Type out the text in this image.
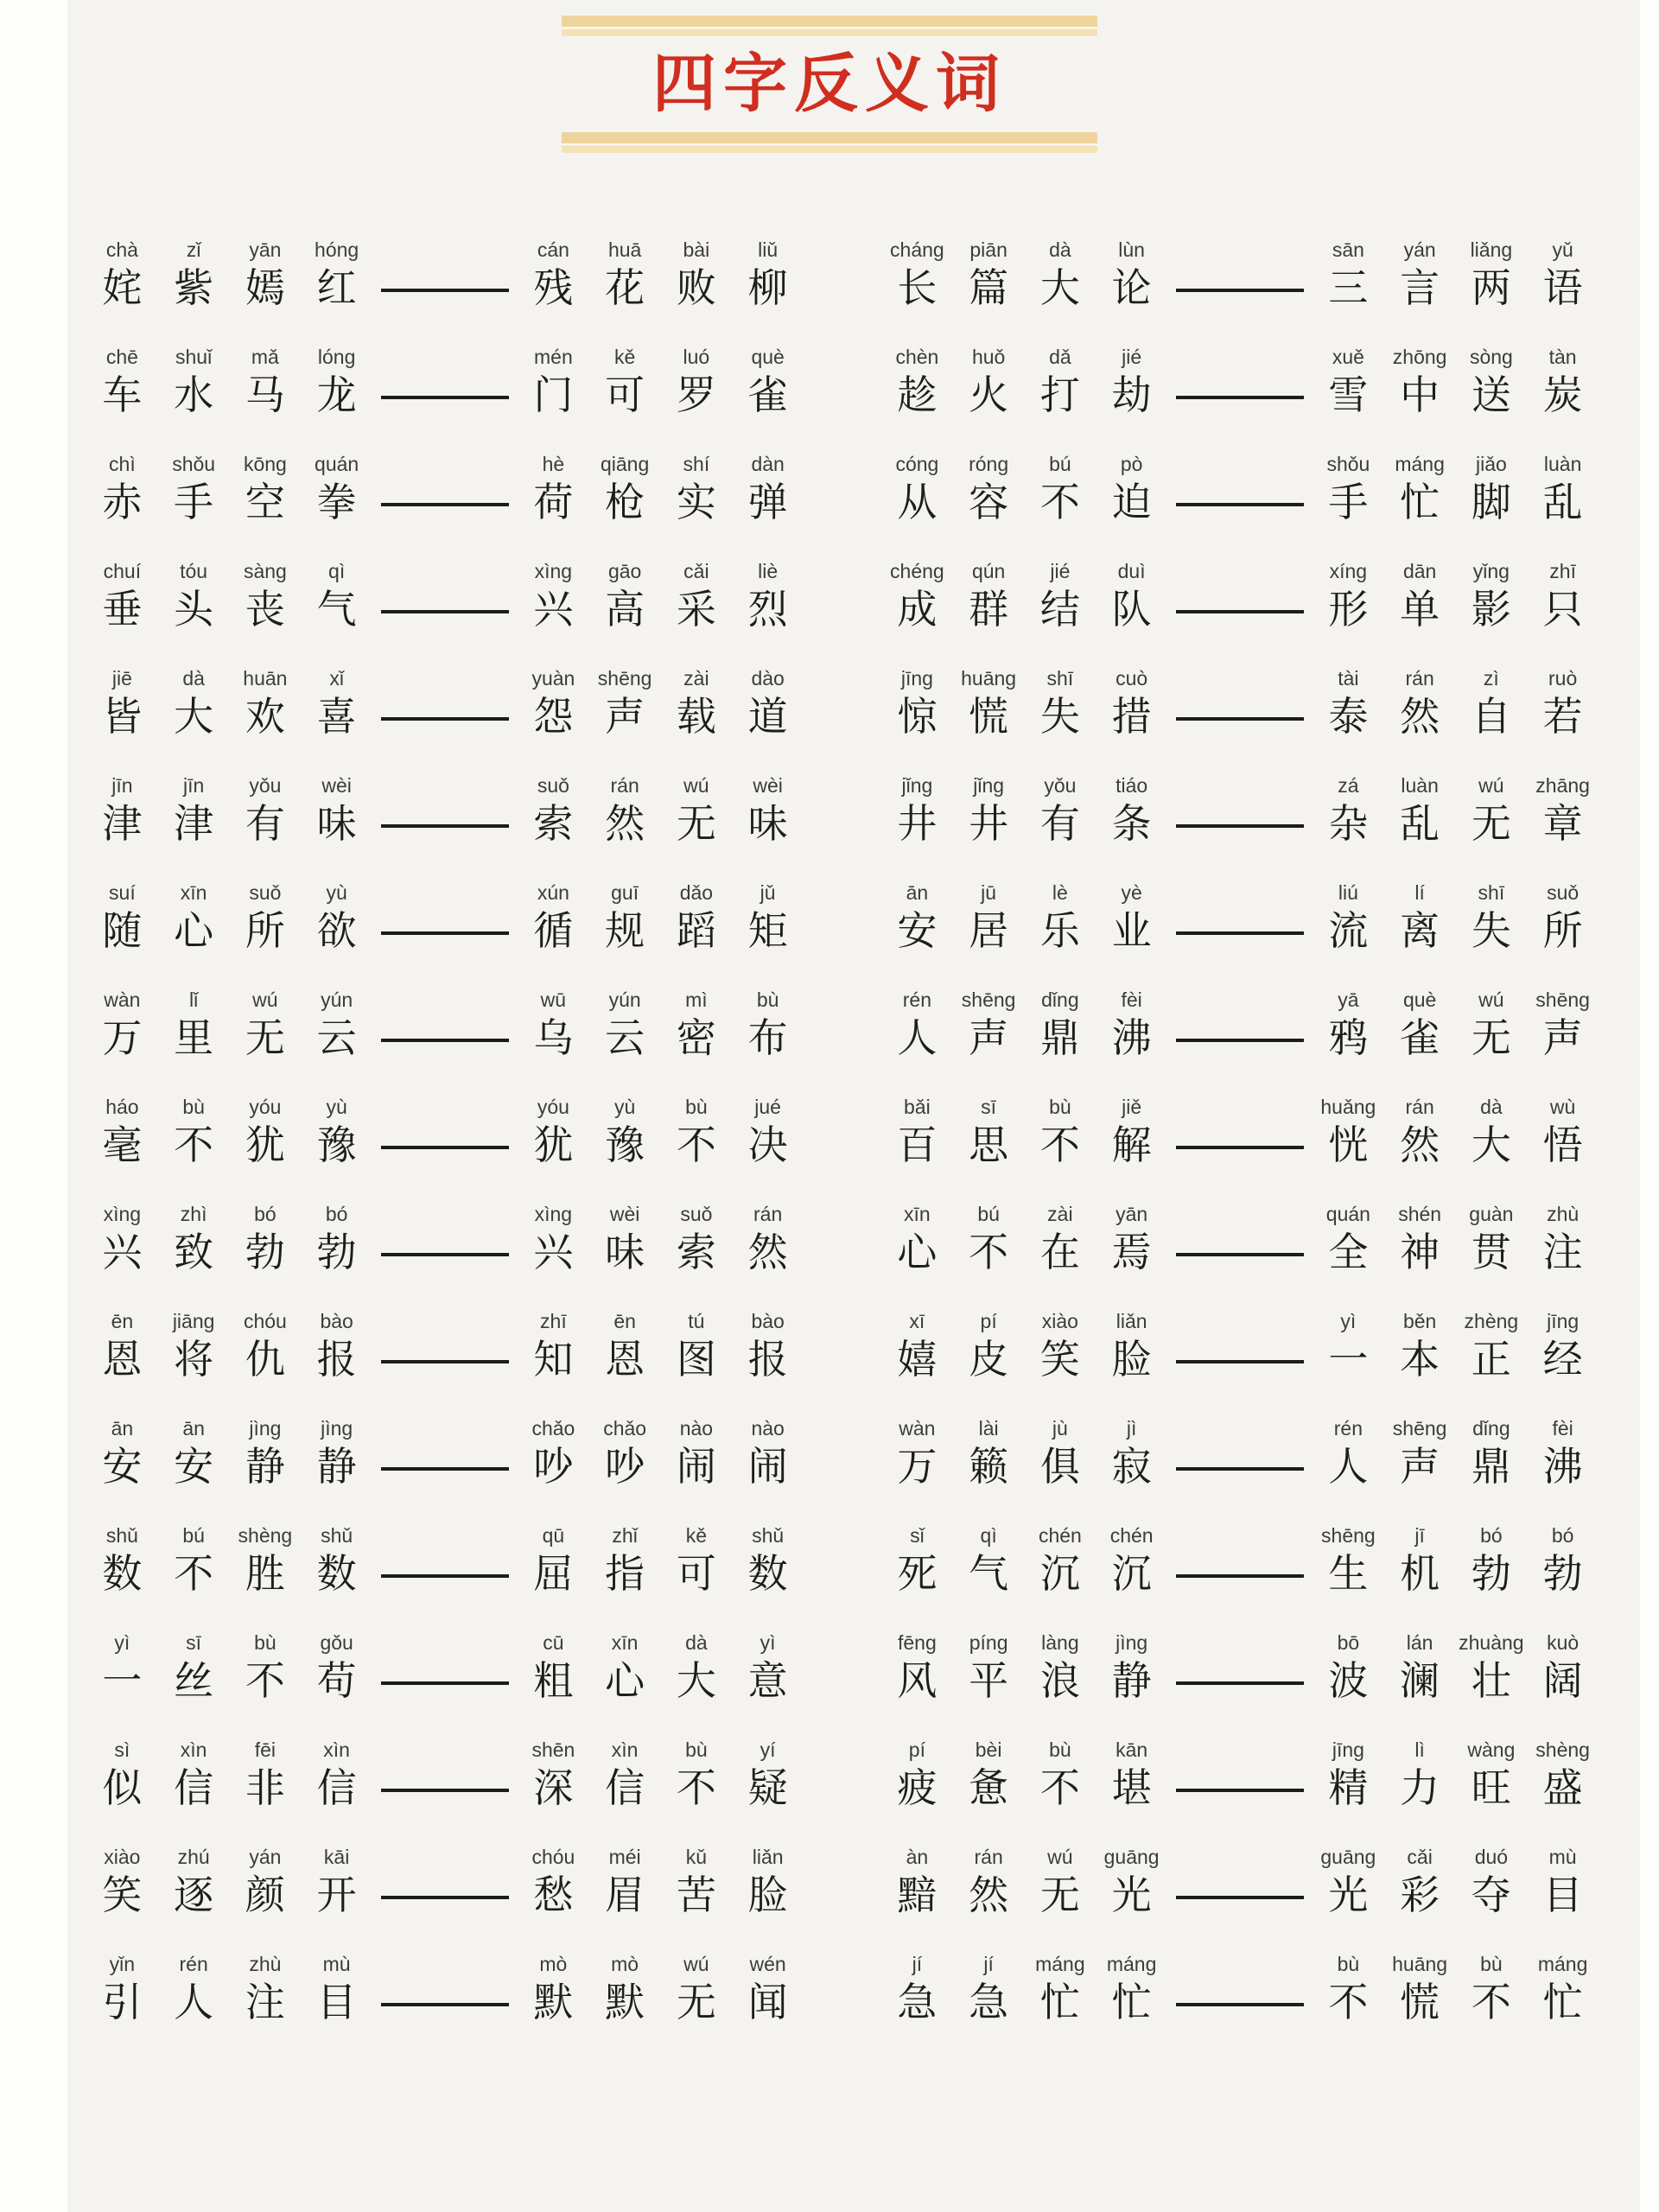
四字反义词
chà
姹
zǐ
紫
yān
嫣
hóng
红
cán
残
huā
花
bài
败
liǔ
柳
chē
车
shuǐ
水
mǎ
马
lóng
龙
mén
门
kě
可
luó
罗
què
雀
chì
赤
shǒu
手
kōng
空
quán
拳
hè
荷
qiāng
枪
shí
实
dàn
弹
chuí
垂
tóu
头
sàng
丧
qì
气
xìng
兴
gāo
高
cǎi
采
liè
烈
jiē
皆
dà
大
huān
欢
xǐ
喜
yuàn
怨
shēng
声
zài
载
dào
道
jīn
津
jīn
津
yǒu
有
wèi
味
suǒ
索
rán
然
wú
无
wèi
味
suí
随
xīn
心
suǒ
所
yù
欲
xún
循
guī
规
dǎo
蹈
jǔ
矩
wàn
万
lǐ
里
wú
无
yún
云
wū
乌
yún
云
mì
密
bù
布
háo
毫
bù
不
yóu
犹
yù
豫
yóu
犹
yù
豫
bù
不
jué
决
xìng
兴
zhì
致
bó
勃
bó
勃
xìng
兴
wèi
味
suǒ
索
rán
然
ēn
恩
jiāng
将
chóu
仇
bào
报
zhī
知
ēn
恩
tú
图
bào
报
ān
安
ān
安
jìng
静
jìng
静
chǎo
吵
chǎo
吵
nào
闹
nào
闹
shǔ
数
bú
不
shèng
胜
shǔ
数
qū
屈
zhǐ
指
kě
可
shǔ
数
yì
一
sī
丝
bù
不
gǒu
苟
cū
粗
xīn
心
dà
大
yì
意
sì
似
xìn
信
fēi
非
xìn
信
shēn
深
xìn
信
bù
不
yí
疑
xiào
笑
zhú
逐
yán
颜
kāi
开
chóu
愁
méi
眉
kǔ
苦
liǎn
脸
yǐn
引
rén
人
zhù
注
mù
目
mò
默
mò
默
wú
无
wén
闻
cháng
长
piān
篇
dà
大
lùn
论
sān
三
yán
言
liǎng
两
yǔ
语
chèn
趁
huǒ
火
dǎ
打
jié
劫
xuě
雪
zhōng
中
sòng
送
tàn
炭
cóng
从
róng
容
bú
不
pò
迫
shǒu
手
máng
忙
jiǎo
脚
luàn
乱
chéng
成
qún
群
jié
结
duì
队
xíng
形
dān
单
yǐng
影
zhī
只
jīng
惊
huāng
慌
shī
失
cuò
措
tài
泰
rán
然
zì
自
ruò
若
jǐng
井
jǐng
井
yǒu
有
tiáo
条
zá
杂
luàn
乱
wú
无
zhāng
章
ān
安
jū
居
lè
乐
yè
业
liú
流
lí
离
shī
失
suǒ
所
rén
人
shēng
声
dǐng
鼎
fèi
沸
yā
鸦
què
雀
wú
无
shēng
声
bǎi
百
sī
思
bù
不
jiě
解
huǎng
恍
rán
然
dà
大
wù
悟
xīn
心
bú
不
zài
在
yān
焉
quán
全
shén
神
guàn
贯
zhù
注
xī
嬉
pí
皮
xiào
笑
liǎn
脸
yì
一
běn
本
zhèng
正
jīng
经
wàn
万
lài
籁
jù
俱
jì
寂
rén
人
shēng
声
dǐng
鼎
fèi
沸
sǐ
死
qì
气
chén
沉
chén
沉
shēng
生
jī
机
bó
勃
bó
勃
fēng
风
píng
平
làng
浪
jìng
静
bō
波
lán
澜
zhuàng
壮
kuò
阔
pí
疲
bèi
惫
bù
不
kān
堪
jīng
精
lì
力
wàng
旺
shèng
盛
àn
黯
rán
然
wú
无
guāng
光
guāng
光
cǎi
彩
duó
夺
mù
目
jí
急
jí
急
máng
忙
máng
忙
bù
不
huāng
慌
bù
不
máng
忙
